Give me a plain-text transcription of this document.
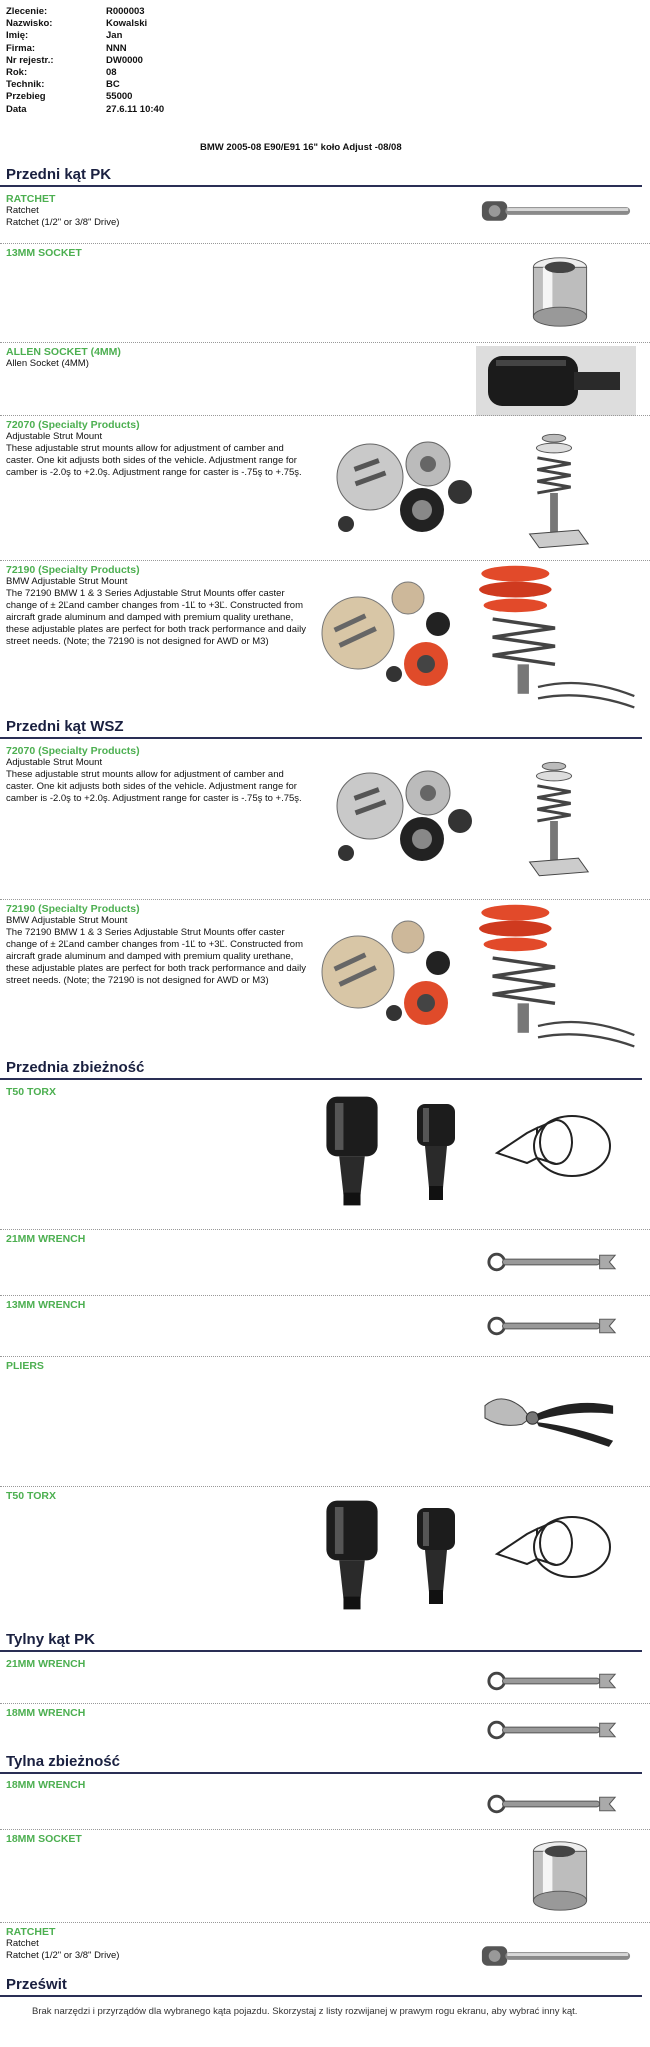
Zlecenie:	R000003
Nazwisko:	Kowalski
Imię:	Jan
Firma:	NNN
Nr rejestr.:	DW0000
Rok:	08
Technik:	BC
Przebieg	55000
Data	27.6.11 10:40
BMW 2005-08 E90/E91 16" koło Adjust -08/08
Przedni kąt PK
RATCHET
Ratchet
Ratchet (1/2" or 3/8" Drive)
13MM SOCKET
ALLEN SOCKET (4MM)
Allen Socket (4MM)
72070 (Specialty Products)
Adjustable Strut Mount
These adjustable strut mounts allow for adjustment of camber and caster. One kit adjusts both sides of the vehicle. Adjustment range for camber is -2.0ş to +2.0ş. Adjustment range for caster is -.75ş to +.75ş.
72190 (Specialty Products)
BMW Adjustable Strut Mount
The 72190 BMW 1 & 3 Series Adjustable Strut Mounts offer caster change of ± 2Ľand camber changes from -1Ľ to +3Ľ. Constructed from aircraft grade aluminum and damped with premium quality urethane, these adjustable plates are perfect for both track performance and daily street needs. (Note; the 72190 is not designed for AWD or M3)
Przedni kąt WSZ
72070 (Specialty Products)
Adjustable Strut Mount
These adjustable strut mounts allow for adjustment of camber and caster. One kit adjusts both sides of the vehicle. Adjustment range for camber is -2.0ş to +2.0ş. Adjustment range for caster is -.75ş to +.75ş.
72190 (Specialty Products)
BMW Adjustable Strut Mount
The 72190 BMW 1 & 3 Series Adjustable Strut Mounts offer caster change of ± 2Ľand camber changes from -1Ľ to +3Ľ. Constructed from aircraft grade aluminum and damped with premium quality urethane, these adjustable plates are perfect for both track performance and daily street needs. (Note; the 72190 is not designed for AWD or M3)
Przednia zbieżność
T50 TORX
21MM WRENCH
13MM WRENCH
PLIERS
T50 TORX
Tylny kąt PK
21MM WRENCH
18MM WRENCH
Tylna zbieżność
18MM WRENCH
18MM SOCKET
RATCHET
Ratchet
Ratchet (1/2" or 3/8" Drive)
Prześwit
Brak narzędzi i przyrządów dla wybranego kąta pojazdu. Skorzystaj z listy rozwijanej w prawym rogu ekranu, aby wybrać inny kąt.
